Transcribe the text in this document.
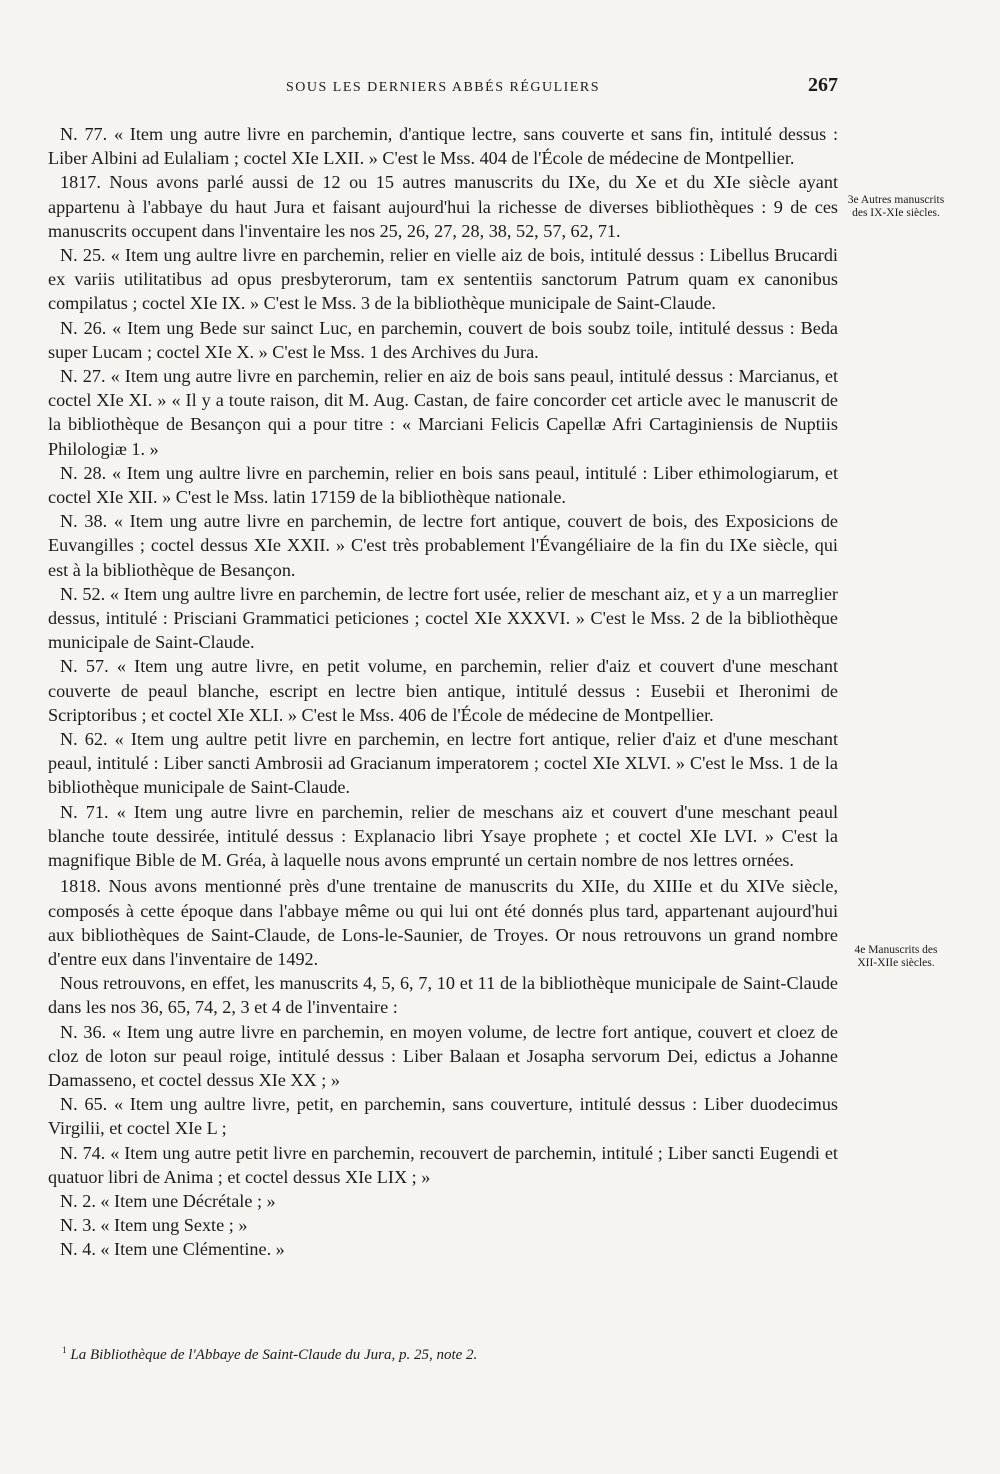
SOUS LES DERNIERS ABBÉS RÉGULIERS	267

N. 77. « Item ung autre livre en parchemin, d'antique lectre, sans couverte et sans fin, intitulé dessus : Liber Albini ad Eulaliam ; coctel XIe LXII. » C'est le Mss. 404 de l'École de médecine de Montpellier.

1817. Nous avons parlé aussi de 12 ou 15 autres manuscrits du IXe, du Xe et du XIe siècle ayant appartenu à l'abbaye du haut Jura et faisant aujourd'hui la richesse de diverses bibliothèques : 9 de ces manuscrits occupent dans l'inventaire les nos 25, 26, 27, 28, 38, 52, 57, 62, 71.

N. 25. « Item ung aultre livre en parchemin, relier en vielle aiz de bois, intitulé dessus : Libellus Brucardi ex variis utilitatibus ad opus presbyterorum, tam ex sententiis sanctorum Patrum quam ex canonibus compilatus ; coctel XIe IX. » C'est le Mss. 3 de la bibliothèque municipale de Saint-Claude.

N. 26. « Item ung Bede sur sainct Luc, en parchemin, couvert de bois soubz toile, intitulé dessus : Beda super Lucam ; coctel XIe X. » C'est le Mss. 1 des Archives du Jura.

N. 27. « Item ung autre livre en parchemin, relier en aiz de bois sans peaul, intitulé dessus : Marcianus, et coctel XIe XI. » « Il y a toute raison, dit M. Aug. Castan, de faire concorder cet article avec le manuscrit de la bibliothèque de Besançon qui a pour titre : « Marciani Felicis Capellæ Afri Cartaginiensis de Nuptiis Philologiæ 1. »

N. 28. « Item ung aultre livre en parchemin, relier en bois sans peaul, intitulé : Liber ethimologiarum, et coctel XIe XII. » C'est le Mss. latin 17159 de la bibliothèque nationale.

N. 38. « Item ung autre livre en parchemin, de lectre fort antique, couvert de bois, des Exposicions de Euvangilles ; coctel dessus XIe XXII. » C'est très probablement l'Évangéliaire de la fin du IXe siècle, qui est à la bibliothèque de Besançon.

N. 52. « Item ung aultre livre en parchemin, de lectre fort usée, relier de meschant aiz, et y a un marreglier dessus, intitulé : Prisciani Grammatici peticiones ; coctel XIe XXXVI. » C'est le Mss. 2 de la bibliothèque municipale de Saint-Claude.

N. 57. « Item ung autre livre, en petit volume, en parchemin, relier d'aiz et couvert d'une meschant couverte de peaul blanche, escript en lectre bien antique, intitulé dessus : Eusebii et Iheronimi de Scriptoribus ; et coctel XIe XLI. » C'est le Mss. 406 de l'École de médecine de Montpellier.

N. 62. « Item ung aultre petit livre en parchemin, en lectre fort antique, relier d'aiz et d'une meschant peaul, intitulé : Liber sancti Ambrosii ad Gracianum imperatorem ; coctel XIe XLVI. » C'est le Mss. 1 de la bibliothèque municipale de Saint-Claude.

N. 71. « Item ung autre livre en parchemin, relier de meschans aiz et couvert d'une meschant peaul blanche toute dessirée, intitulé dessus : Explanacio libri Ysaye prophete ; et coctel XIe LVI. » C'est la magnifique Bible de M. Gréa, à laquelle nous avons emprunté un certain nombre de nos lettres ornées.

1818. Nous avons mentionné près d'une trentaine de manuscrits du XIIe, du XIIIe et du XIVe siècle, composés à cette époque dans l'abbaye même ou qui lui ont été donnés plus tard, appartenant aujourd'hui aux bibliothèques de Saint-Claude, de Lons-le-Saunier, de Troyes. Or nous retrouvons un grand nombre d'entre eux dans l'inventaire de 1492.

Nous retrouvons, en effet, les manuscrits 4, 5, 6, 7, 10 et 11 de la bibliothèque municipale de Saint-Claude dans les nos 36, 65, 74, 2, 3 et 4 de l'inventaire :

N. 36. « Item ung autre livre en parchemin, en moyen volume, de lectre fort antique, couvert et cloez de cloz de loton sur peaul roige, intitulé dessus : Liber Balaan et Josapha servorum Dei, edictus a Johanne Damasseno, et coctel dessus XIe XX ; »

N. 65. « Item ung aultre livre, petit, en parchemin, sans couverture, intitulé dessus : Liber duodecimus Virgilii, et coctel XIe L ;

N. 74. « Item ung autre petit livre en parchemin, recouvert de parchemin, intitulé ; Liber sancti Eugendi et quatuor libri de Anima ; et coctel dessus XIe LIX ; »

N. 2. « Item une Décrétale ; »

N. 3. « Item ung Sexte ; »

N. 4. « Item une Clémentine. »

3e Autres manuscrits des IX-XIe siècles.
4e Manuscrits des XII-XIIe siècles.
$^1$ La Bibliothèque de l'Abbaye de Saint-Claude du Jura, p. 25, note 2.
